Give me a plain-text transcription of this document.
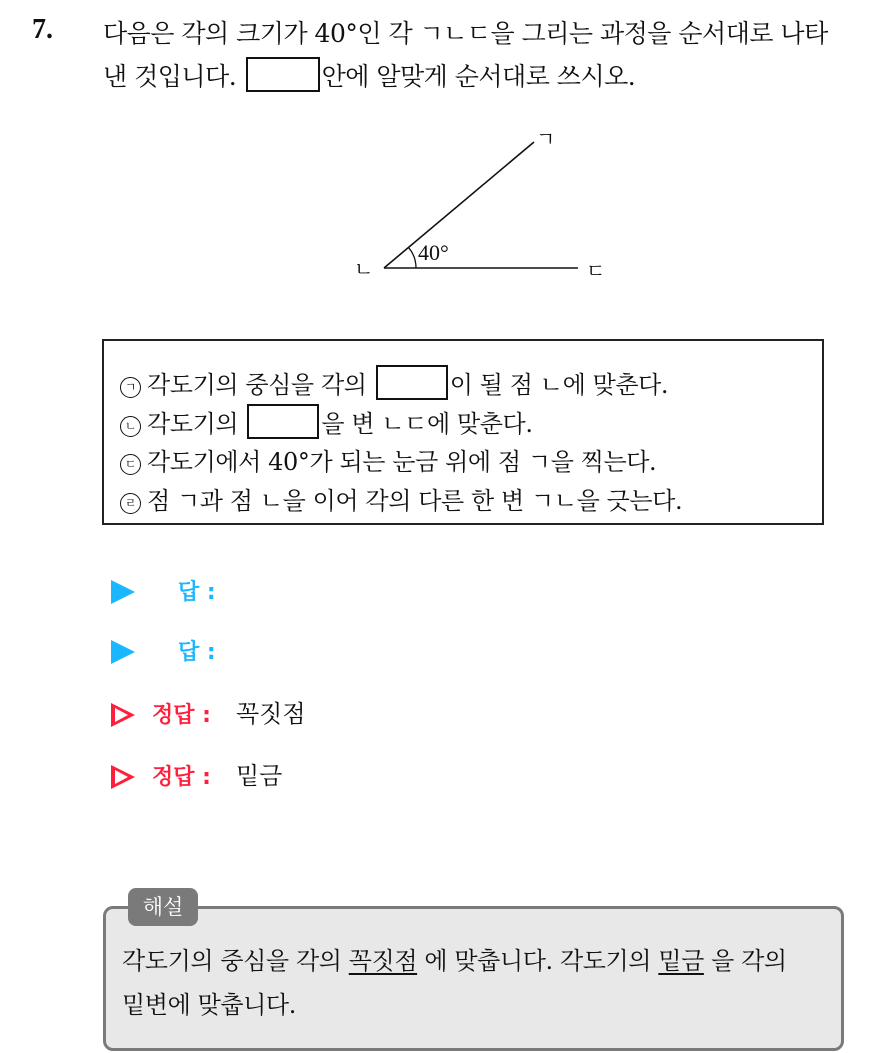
7. 다음은 각의 크기가 40°인 각 ㄱㄴㄷ을 그리는 과정을 순서대로 나타
낸 것입니다.	안에 알맞게 순서대로 쓰시오.
ㄱ
ㄴ	ㄷ
40°
ㄱ 각도기의 중심을 각의	이 될 점 ㄴ에 맞춘다.
ㄴ 각도기의	을 변 ㄴㄷ에 맞춘다.
ㄷ 각도기에서 40°가 되는 눈금 위에 점 ㄱ을 찍는다.
ㄹ 점 ㄱ과 점 ㄴ을 이어 각의 다른 한 변 ㄱㄴ을 긋는다.
답 :
답 :
정답 : 꼭짓점
정답 : 밑금
해설
각도기의 중심을 각의 꼭짓점 에 맞춥니다. 각도기의 밑금 을 각의
밑변에 맞춥니다.
